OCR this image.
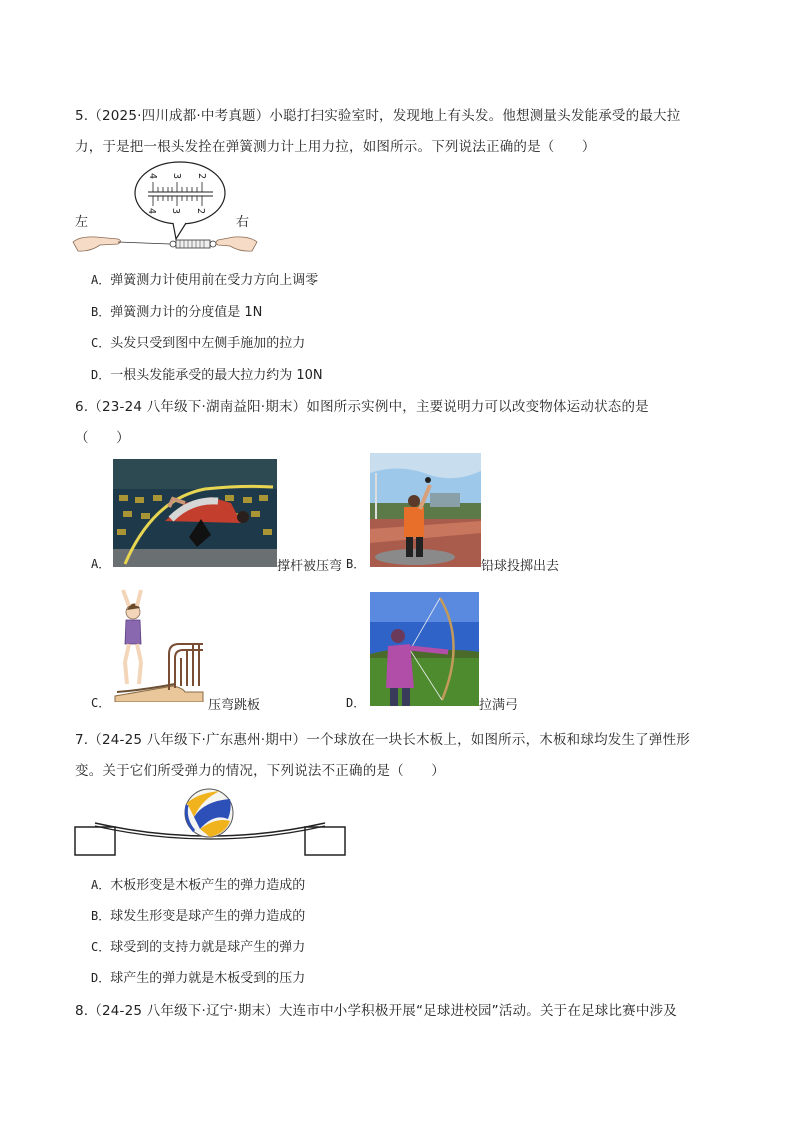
5.（2025·四川成都·中考真题）小聪打扫实验室时，发现地上有头发。他想测量头发能承受的最大拉
力，于是把一根头发拴在弹簧测力计上用力拉，如图所示。下列说法正确的是（　　）
4 3 2
4 3 2
左	右
A．弹簧测力计使用前在受力方向上调零
B．弹簧测力计的分度值是 1N
C．头发只受到图中左侧手施加的拉力
D．一根头发能承受的最大拉力约为 10N
6.（23-24 八年级下·湖南益阳·期末）如图所示实例中，主要说明力可以改变物体运动状态的是
（　　）
A．	撑杆被压弯 B．	铅球投掷出去
C．	压弯跳板	D．	拉满弓
7.（24-25 八年级下·广东惠州·期中）一个球放在一块长木板上，如图所示，木板和球均发生了弹性形
变。关于它们所受弹力的情况，下列说法不正确的是（　　）
A．木板形变是木板产生的弹力造成的
B．球发生形变是球产生的弹力造成的
C．球受到的支持力就是球产生的弹力
D．球产生的弹力就是木板受到的压力
8.（24-25 八年级下·辽宁·期末）大连市中小学积极开展“足球进校园”活动。关于在足球比赛中涉及
